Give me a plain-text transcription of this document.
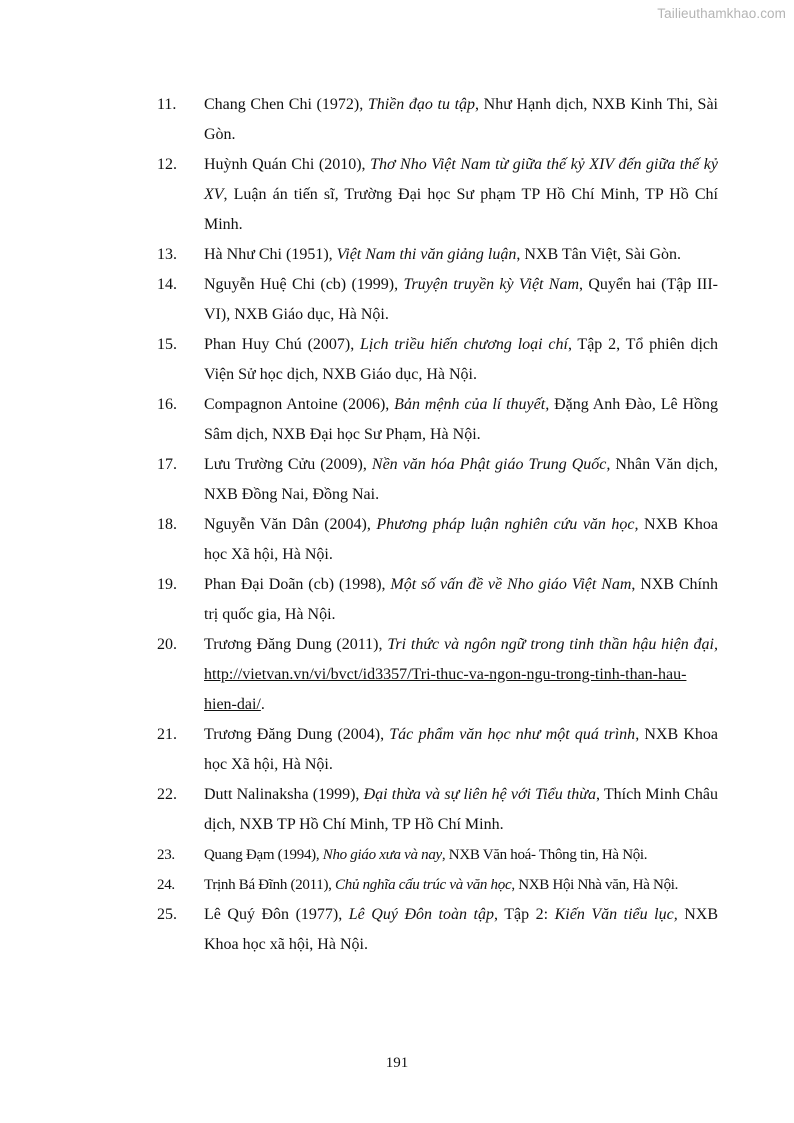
Tailieuthamkhao.com
11.	Chang Chen Chi (1972), Thiền đạo tu tập, Như Hạnh dịch, NXB Kinh Thi, Sài Gòn.
12.	Huỳnh Quán Chi (2010), Thơ Nho Việt Nam từ giữa thế kỷ XIV đến giữa thế kỷ XV, Luận án tiến sĩ, Trường Đại học Sư phạm TP Hồ Chí Minh, TP Hồ Chí Minh.
13.	Hà Như Chi (1951), Việt Nam thi văn giảng luận, NXB Tân Việt, Sài Gòn.
14.	Nguyễn Huệ Chi (cb) (1999), Truyện truyền kỳ Việt Nam, Quyển hai (Tập III-VI), NXB Giáo dục, Hà Nội.
15.	Phan Huy Chú (2007), Lịch triều hiến chương loại chí, Tập 2, Tổ phiên dịch Viện Sử học dịch, NXB Giáo dục, Hà Nội.
16.	Compagnon Antoine (2006), Bản mệnh của lí thuyết, Đặng Anh Đào, Lê Hồng Sâm dịch, NXB Đại học Sư Phạm, Hà Nội.
17.	Lưu Trường Cửu (2009), Nền văn hóa Phật giáo Trung Quốc, Nhân Văn dịch, NXB Đồng Nai, Đồng Nai.
18.	Nguyễn Văn Dân (2004), Phương pháp luận nghiên cứu văn học, NXB Khoa học Xã hội, Hà Nội.
19.	Phan Đại Doãn (cb) (1998), Một số vấn đề về Nho giáo Việt Nam, NXB Chính trị quốc gia, Hà Nội.
20.	Trương Đăng Dung (2011), Tri thức và ngôn ngữ trong tinh thần hậu hiện đại, http://vietvan.vn/vi/bvct/id3357/Tri-thuc-va-ngon-ngu-trong-tinh-than-hau-hien-dai/.
21.	Trương Đăng Dung (2004), Tác phẩm văn học như một quá trình, NXB Khoa học Xã hội, Hà Nội.
22.	Dutt Nalinaksha (1999), Đại thừa và sự liên hệ với Tiểu thừa, Thích Minh Châu dịch, NXB TP Hồ Chí Minh, TP Hồ Chí Minh.
23.	Quang Đạm (1994), Nho giáo xưa và nay, NXB Văn hoá- Thông tin, Hà Nội.
24.	Trịnh Bá Đĩnh (2011), Chủ nghĩa cấu trúc và văn học, NXB Hội Nhà văn, Hà Nội.
25.	Lê Quý Đôn (1977), Lê Quý Đôn toàn tập, Tập 2: Kiến Văn tiểu lục, NXB Khoa học xã hội, Hà Nội.
191
